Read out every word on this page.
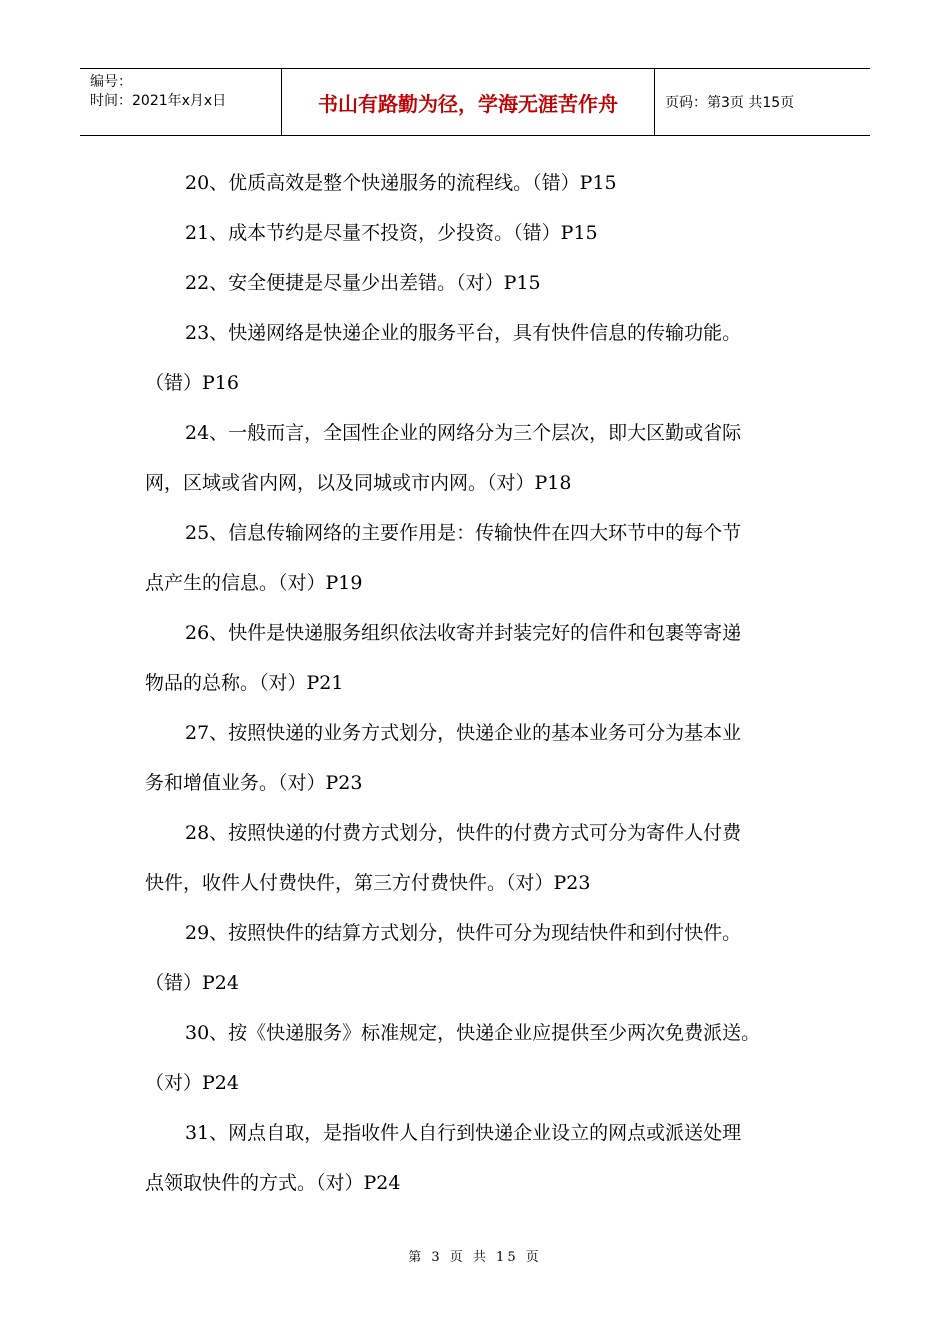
编号：
时间：2021年x月x日	书山有路勤为径，学海无涯苦作舟	页码：第3页 共15页
20、优质高效是整个快递服务的流程线。（错）P15
21、成本节约是尽量不投资，少投资。（错）P15
22、安全便捷是尽量少出差错。（对）P15
23、快递网络是快递企业的服务平台，具有快件信息的传输功能。
（错）P16
24、一般而言，全国性企业的网络分为三个层次，即大区勤或省际
网，区域或省内网，以及同城或市内网。（对）P18
25、信息传输网络的主要作用是：传输快件在四大环节中的每个节
点产生的信息。（对）P19
26、快件是快递服务组织依法收寄并封装完好的信件和包裹等寄递
物品的总称。（对）P21
27、按照快递的业务方式划分，快递企业的基本业务可分为基本业
务和增值业务。（对）P23
28、按照快递的付费方式划分，快件的付费方式可分为寄件人付费
快件，收件人付费快件，第三方付费快件。（对）P23
29、按照快件的结算方式划分，快件可分为现结快件和到付快件。
（错）P24
30、按《快递服务》标准规定，快递企业应提供至少两次免费派送。
（对）P24
31、网点自取，是指收件人自行到快递企业设立的网点或派送处理
点领取快件的方式。（对）P24
第 3 页 共 15 页
